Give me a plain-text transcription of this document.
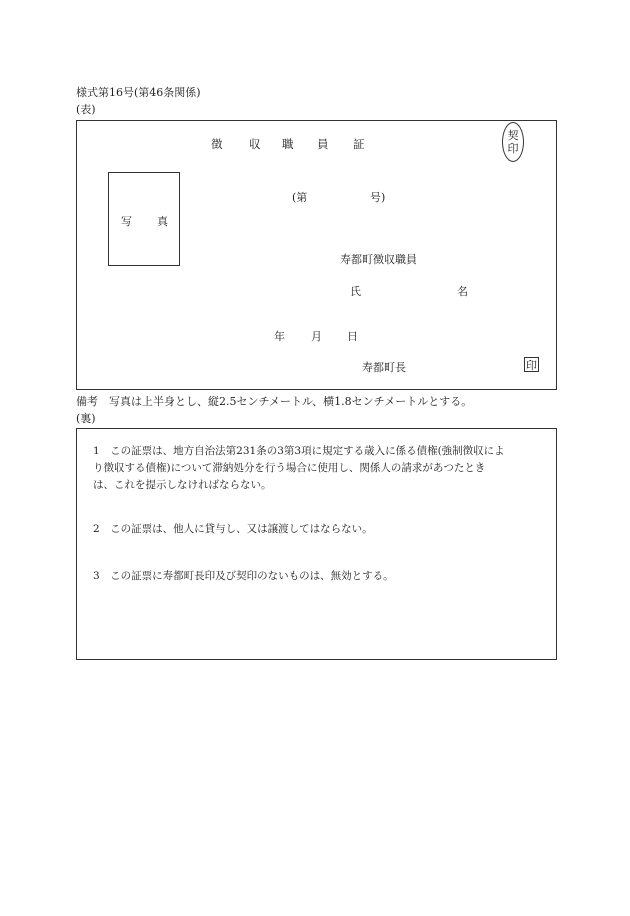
様式第16号(第46条関係)
(表)
徴 収 職 員 証
契
印
写 真
(第	号)
寿都町徴収職員
氏	名
年 月 日
寿都町長	印
備考　写真は上半身とし、縦2.5センチメートル、横1.8センチメートルとする。
(裏)
1　この証票は、地方自治法第231条の3第3項に規定する歳入に係る債権(強制徴収によ
り徴収する債権)について滞納処分を行う場合に使用し、関係人の請求があつたとき
は、これを提示しなければならない。
2　この証票は、他人に貸与し、又は譲渡してはならない。
3　この証票に寿都町長印及び契印のないものは、無効とする。
